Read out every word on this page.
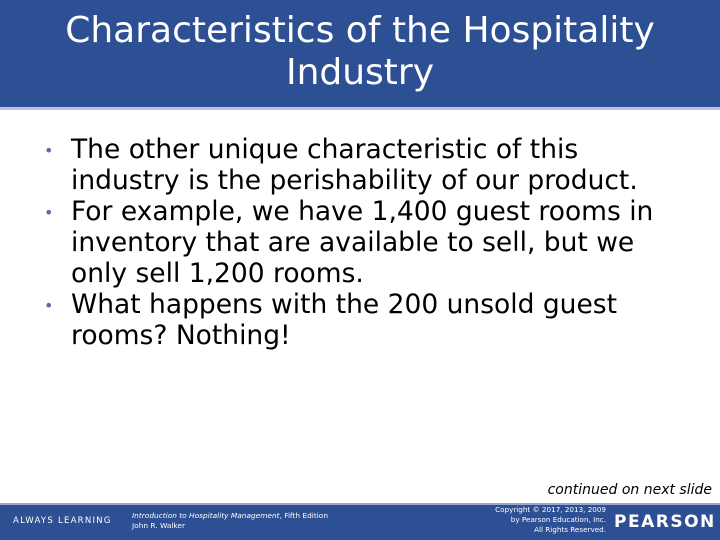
Characteristics of the Hospitality Industry
• The other unique characteristic of this industry is the perishability of our product.
• For example, we have 1,400 guest rooms in inventory that are available to sell, but we only sell 1,200 rooms.
• What happens with the 200 unsold guest rooms? Nothing!
continued on next slide
ALWAYS LEARNING
Introduction to Hospitality Management, Fifth Edition
John R. Walker
Copyright © 2017, 2013, 2009
by Pearson Education, Inc.
All Rights Reserved. PEARSON
